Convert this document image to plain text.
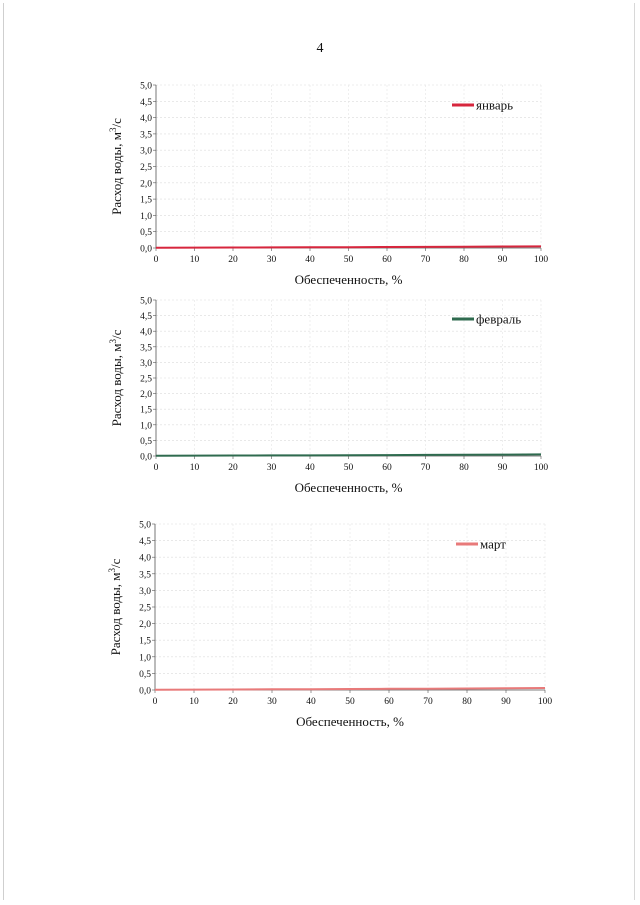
4
0,0
0,5
1,0
1,5
2,0
2,5
3,0
3,5
4,0
4,5
5,0
0	10	20	30	40	50	60	70	80	90	100
Обеспеченность, %
Расход воды, $м^3/с$
январь
0,0
0,5
1,0
1,5
2,0
2,5
3,0
3,5
4,0
4,5
5,0
0	10	20	30	40	50	60	70	80	90	100
Обеспеченность, %
Расход воды, $м^3/с$
февраль
0,0
0,5
1,0
1,5
2,0
2,5
3,0
3,5
4,0
4,5
5,0
0	10	20	30	40	50	60	70	80	90	100
Обеспеченность, %
Расход воды, $м^3/с$
март
